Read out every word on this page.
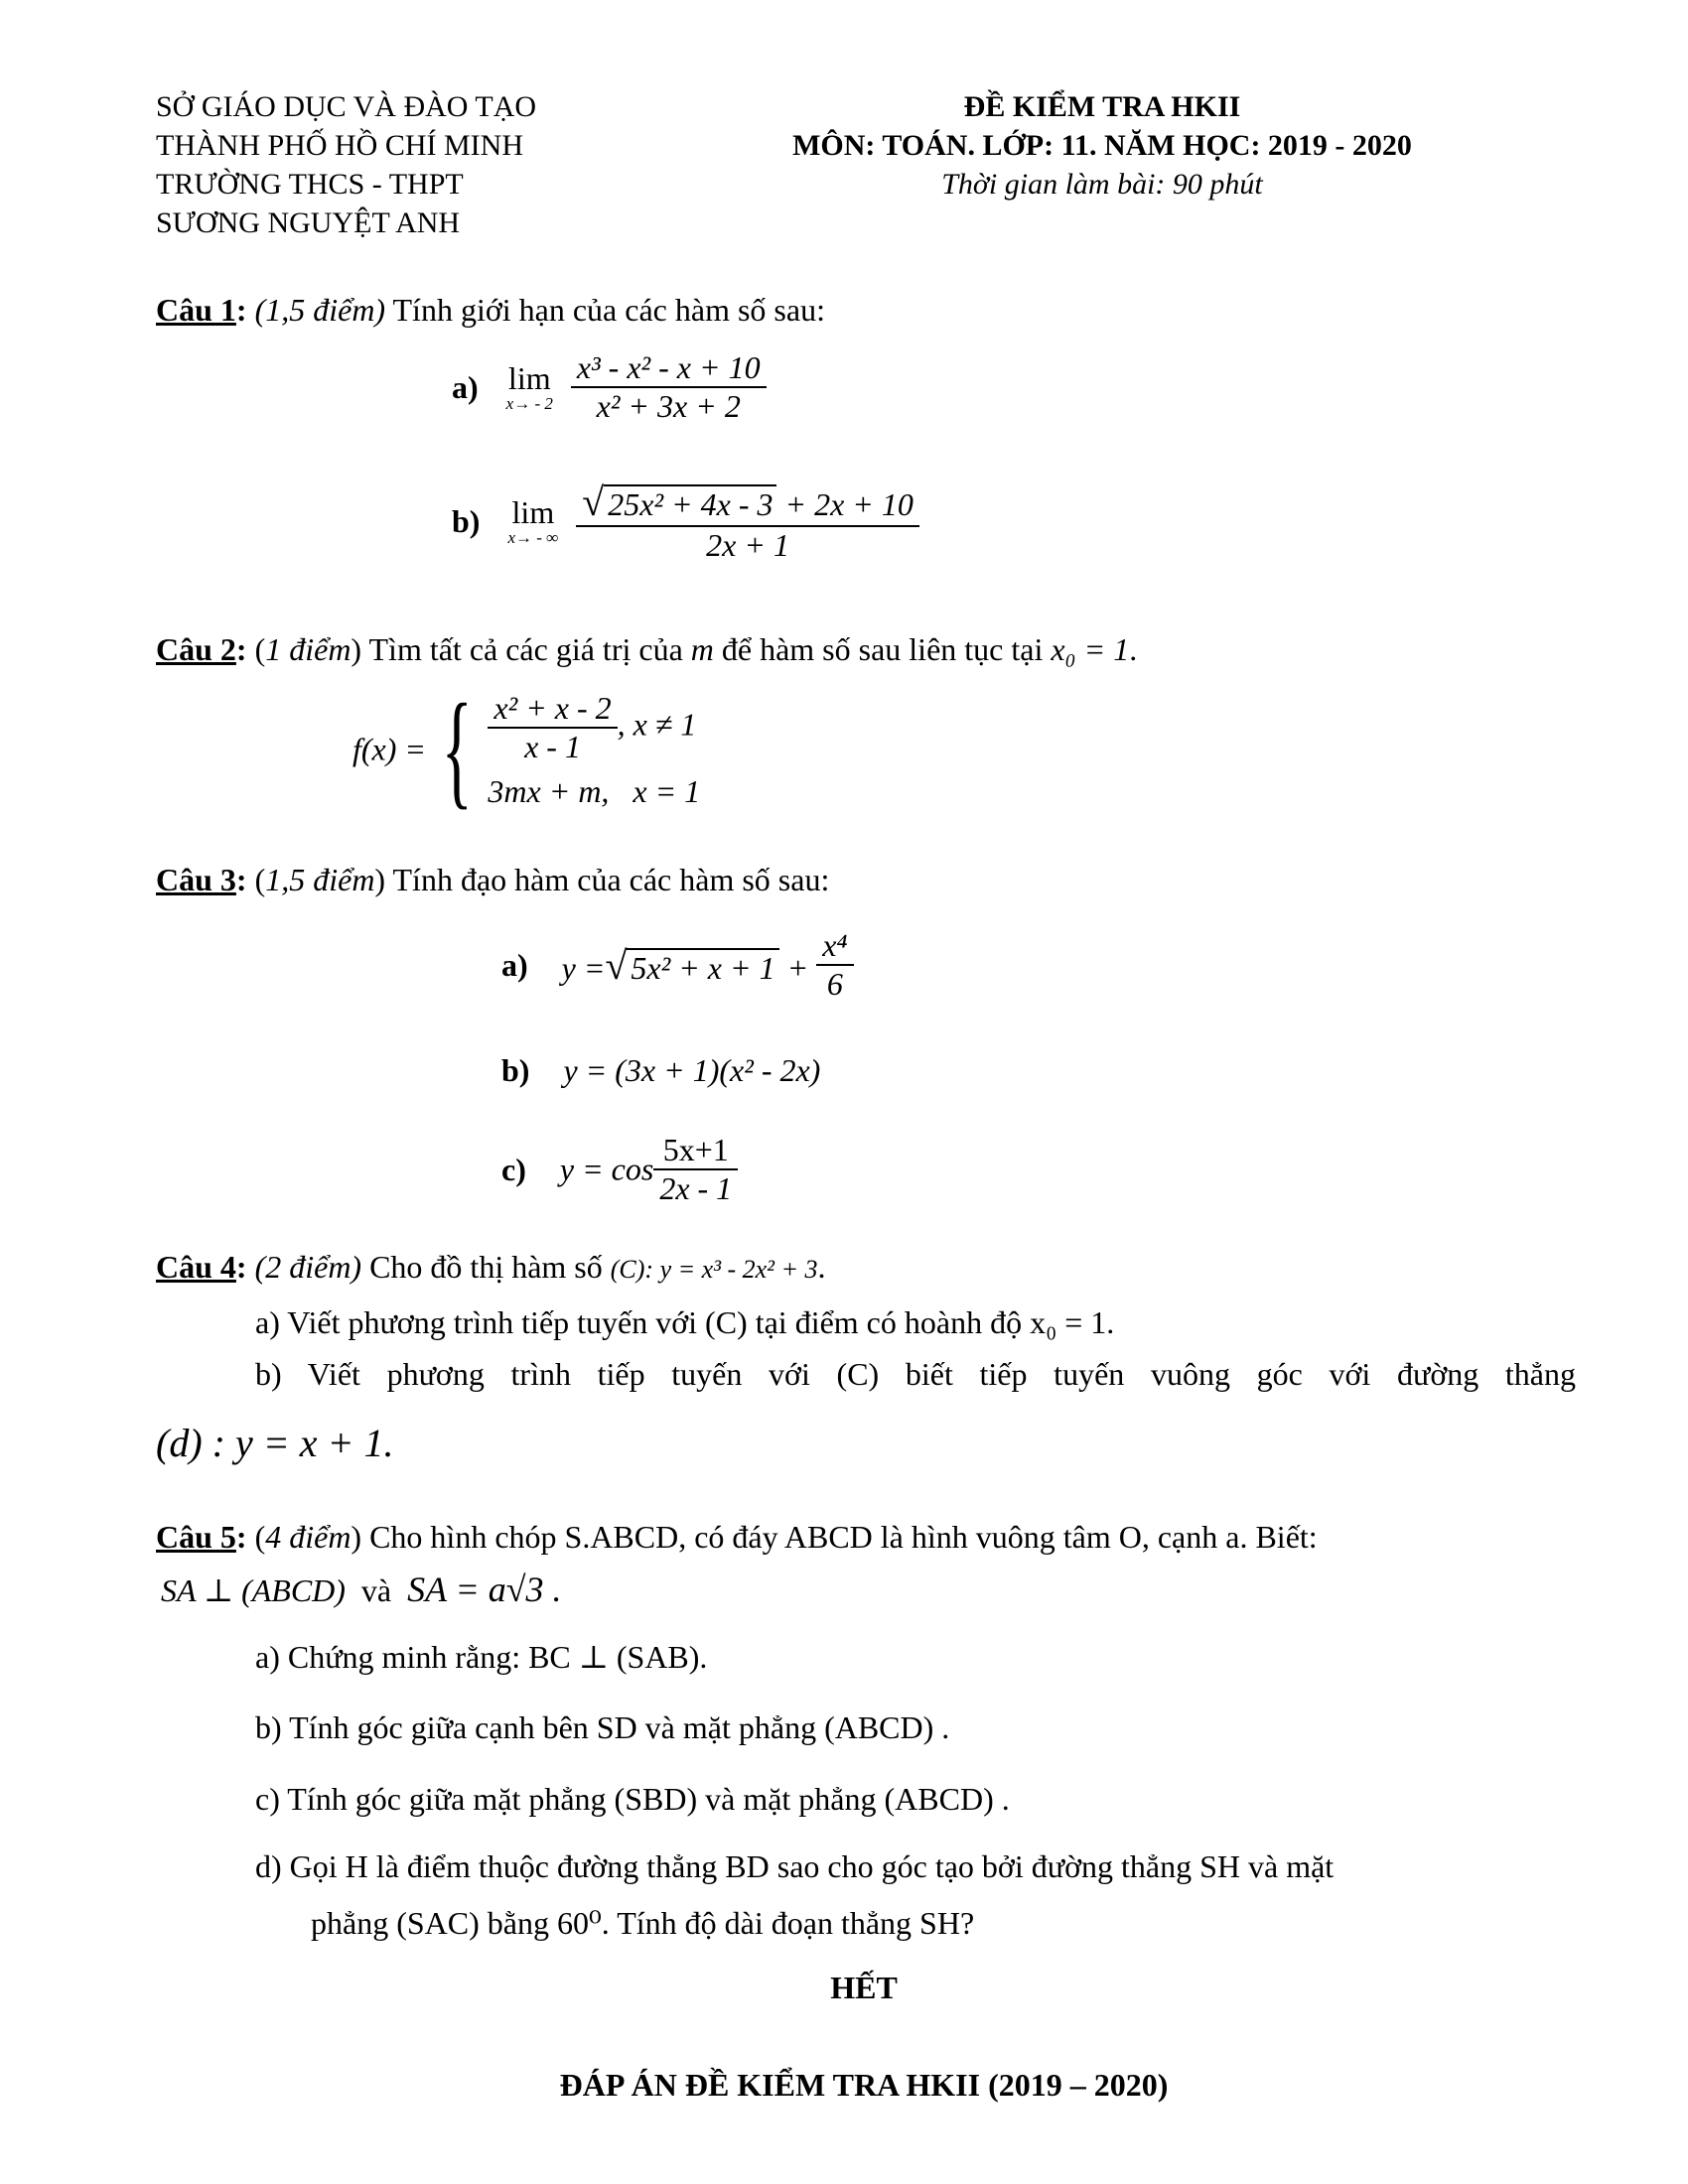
SỞ GIÁO DỤC VÀ ĐÀO TẠO
THÀNH PHỐ HỒ CHÍ MINH
TRƯỜNG THCS - THPT
SƯƠNG NGUYỆT ANH
ĐỀ KIỂM TRA HKII
MÔN: TOÁN. LỚP: 11. NĂM HỌC: 2019 - 2020
Thời gian làm bài: 90 phút
Câu 1: (1,5 điểm) Tính giới hạn của các hàm số sau:
a) lim
x→ - 2
$\frac{\text{x³ - x² - x + 10}}{\text{x² + 3x + 2}}$
b) lim
x→ - ∞
$\frac{\text{√ 25x² + 4x - 3 + 2x + 10}}{2x + 1}$
Câu 2: (1 điểm) Tìm tất cả các giá trị của m để hàm số sau liên tục tại x₀ = 1.
f(x) = { $\frac{\text{x² + x - 2}}{x - 1}$ , x ≠ 1
3mx + m, x = 1
Câu 3: (1,5 điểm) Tính đạo hàm của các hàm số sau:
a) y =√ $5x^2 + x + 1 + \frac{\text{x⁴}}{6}$
b) y = (3x + 1)(x² - 2x)
c) $y = \cos \frac{5x+1}{2x - 1}$
Câu 4: (2 điểm) Cho đồ thị hàm số (C): y = x³ - 2x² + 3.
a) Viết phương trình tiếp tuyến với (C) tại điểm có hoành độ x₀ = 1.
b) Viết phương trình tiếp tuyến với (C) biết tiếp tuyến vuông góc với đường thẳng
(d) : y = x + 1.
Câu 5: (4 điểm) Cho hình chóp S.ABCD, có đáy ABCD là hình vuông tâm O, cạnh a. Biết:
SA ⊥ (ABCD) và SA = a√3 .
a) Chứng minh rằng: BC ⊥ (SAB).
b) Tính góc giữa cạnh bên SD và mặt phẳng (ABCD) .
c) Tính góc giữa mặt phẳng (SBD) và mặt phẳng (ABCD) .
d) Gọi H là điểm thuộc đường thẳng BD sao cho góc tạo bởi đường thẳng SH và mặt
phẳng (SAC) bằng 60⁰. Tính độ dài đoạn thẳng SH?
HẾT
ĐÁP ÁN ĐỀ KIỂM TRA HKII (2019 – 2020)
